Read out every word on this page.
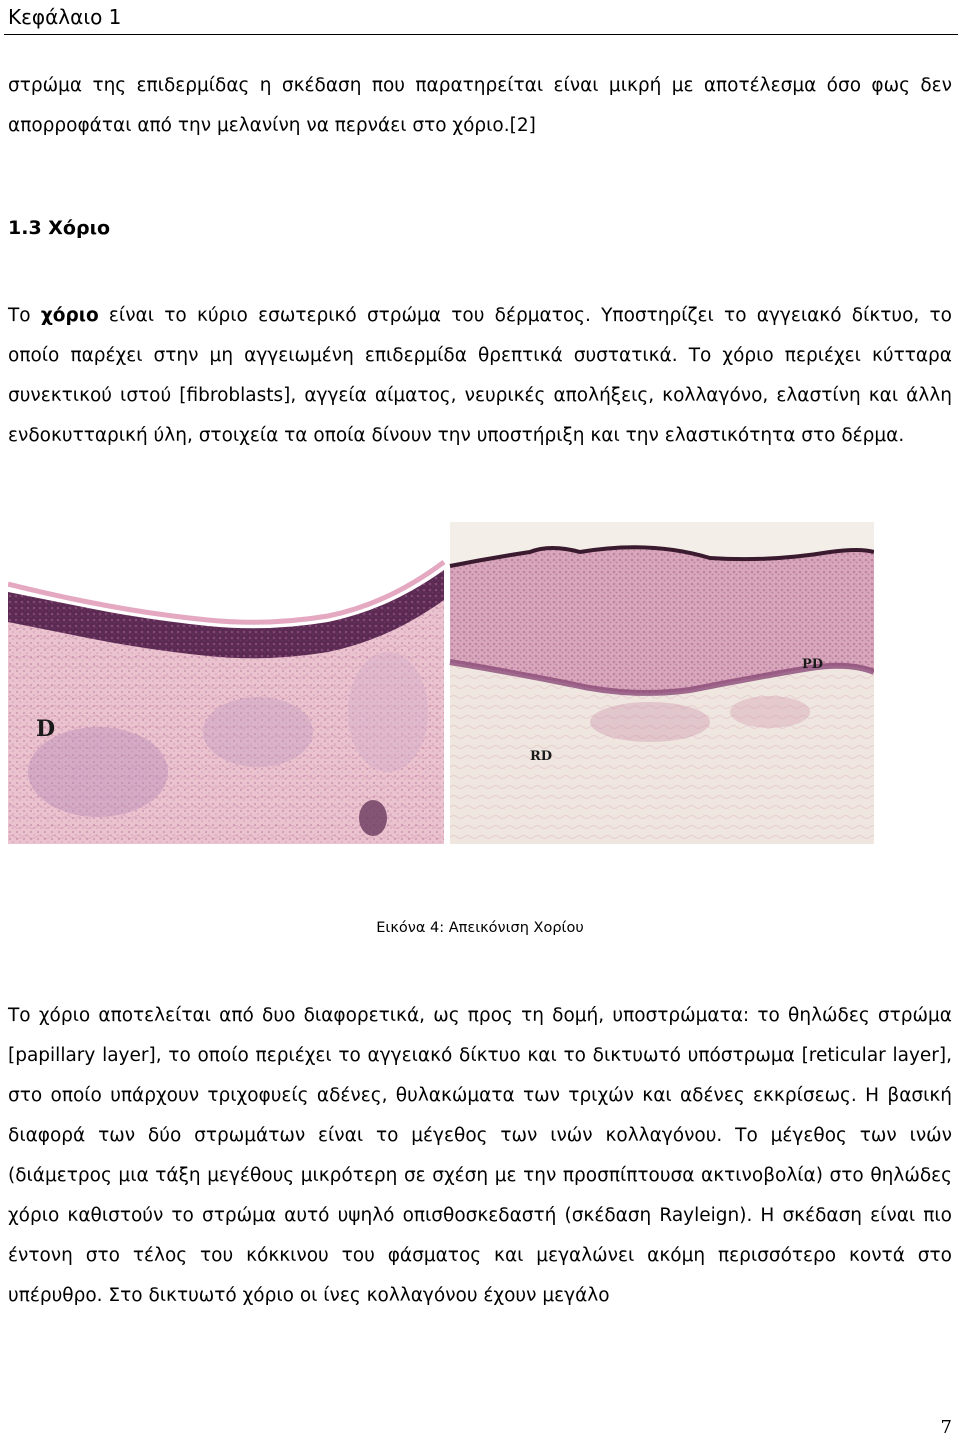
Κεφάλαιο 1

στρώμα της επιδερμίδας η σκέδαση που παρατηρείται είναι μικρή με αποτέλεσμα όσο φως δεν απορροφάται από την μελανίνη να περνάει στο χόριο.[2]

1.3 Χόριο

Το χόριο είναι το κύριο εσωτερικό στρώμα του δέρματος. Υποστηρίζει το αγγειακό δίκτυο, το οποίο παρέχει στην μη αγγειωμένη επιδερμίδα θρεπτικά συστατικά. Το χόριο περιέχει κύτταρα συνεκτικού ιστού [fibroblasts], αγγεία αίματος, νευρικές απολήξεις, κολλαγόνο, ελαστίνη και άλλη ενδοκυτταρική ύλη, στοιχεία τα οποία δίνουν την υποστήριξη και την ελαστικότητα στο δέρμα.

D
PD
RD
Εικόνα 4: Απεικόνιση Χορίου

Το χόριο αποτελείται από δυο διαφορετικά, ως προς τη δομή, υποστρώματα: το θηλώδες στρώμα [papillary layer], το οποίο περιέχει το αγγειακό δίκτυο και το δικτυωτό υπόστρωμα [reticular layer], στο οποίο υπάρχουν τριχοφυείς αδένες, θυλακώματα των τριχών και αδένες εκκρίσεως. Η βασική διαφορά των δύο στρωμάτων είναι το μέγεθος των ινών κολλαγόνου. Το μέγεθος των ινών (διάμετρος μια τάξη μεγέθους μικρότερη σε σχέση με την προσπίπτουσα ακτινοβολία) στο θηλώδες χόριο καθιστούν το στρώμα αυτό υψηλό οπισθοσκεδαστή (σκέδαση Rayleign). Η σκέδαση είναι πιο έντονη στο τέλος του κόκκινου του φάσματος και μεγαλώνει ακόμη περισσότερο κοντά στο υπέρυθρο. Στο δικτυωτό χόριο οι ίνες κολλαγόνου έχουν μεγάλο

7
